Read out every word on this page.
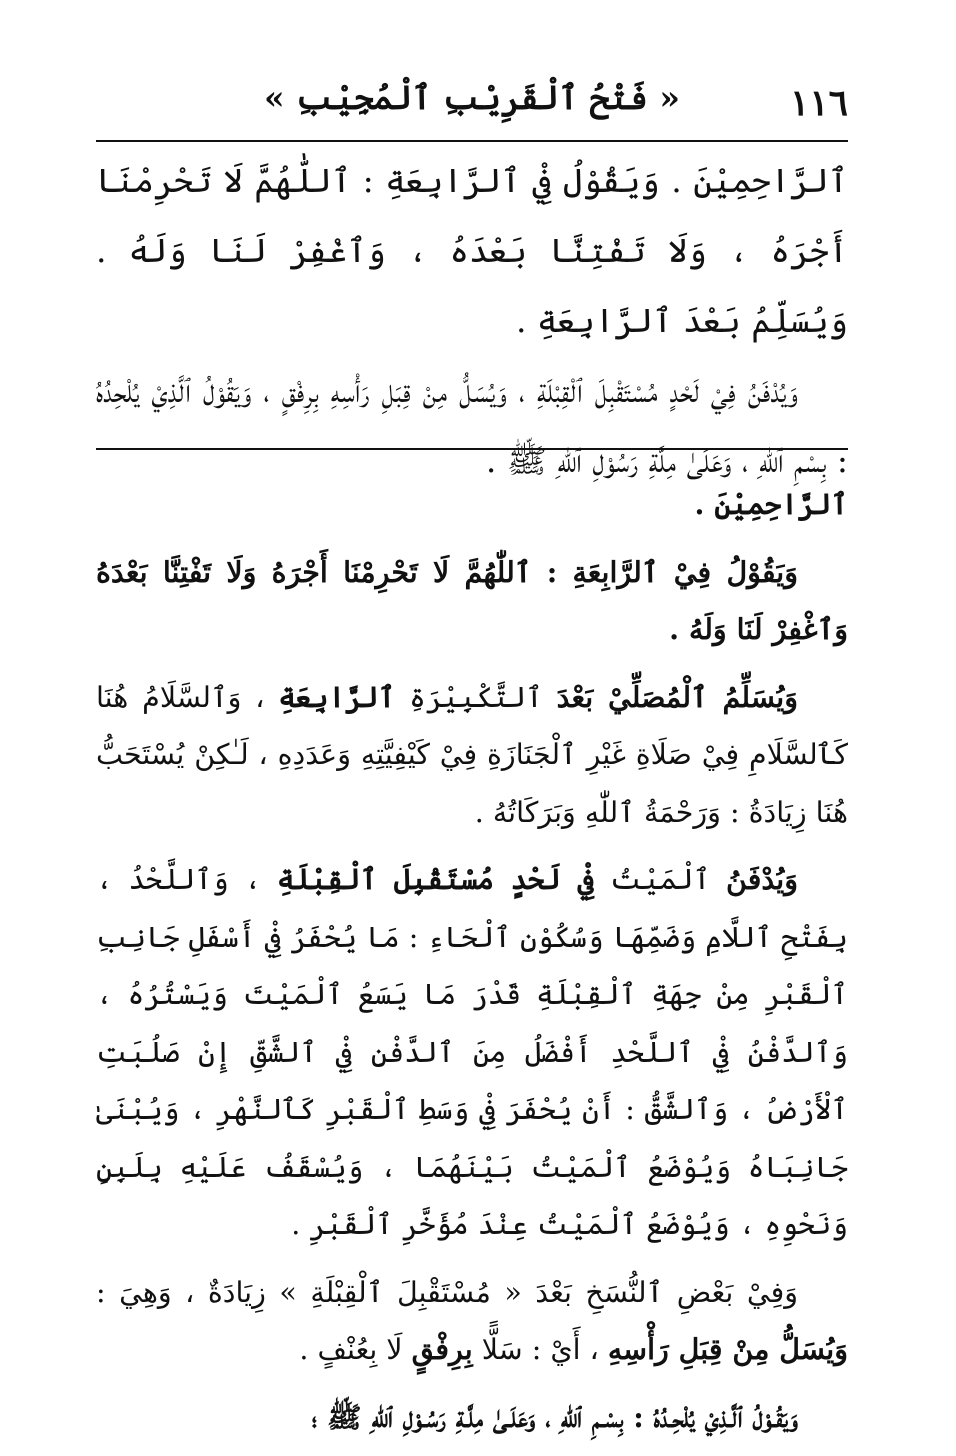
١١٦
« فَتْحُ ٱلْقَرِيْبِ ٱلْمُجِيْبِ »

ٱلرَّاحِمِيْنَ . وَيَقُوْلُ فِيْ ٱلرَّابِعَةِ : ٱللّٰهُمَّ لَا تَحْرِمْنَا أَجْرَهُ ، وَلَا تَفْتِنَّا بَعْدَهُ ، وَٱغْفِرْ لَنَا وَلَهُ . وَيُسَلِّمُ بَعْدَ ٱلرَّابِعَةِ .

وَيُدْفَنُ فِيْ لَحْدٍ مُسْتَقْبِلَ ٱلْقِبْلَةِ ، وَيُسَلُّ مِنْ قِبَلِ رَأْسِهِ بِرِفْقٍ ، وَيَقُوْلُ ٱلَّذِيْ يُلْحِدُهُ : بِسْمِ ٱللّٰهِ ، وَعَلَىٰ مِلَّةِ رَسُوْلِ ٱللّٰهِ ﷺ .

ٱلرَّاحِمِيْنَ .

وَيَقُوْلُ فِيْ ٱلرَّابِعَةِ : ٱللّٰهُمَّ لَا تَحْرِمْنَا أَجْرَهُ وَلَا تَفْتِنَّا بَعْدَهُ وَٱغْفِرْ لَنَا وَلَهُ .

وَيُسَلِّمُ ٱلْمُصَلِّيْ بَعْدَ ٱلتَّكْبِيْرَةِ ٱلرَّابِعَةِ ، وَٱلسَّلَامُ هُنَا كَٱلسَّلَامِ فِيْ صَلَاةِ غَيْرِ ٱلْجَنَازَةِ فِيْ كَيْفِيَّتِهِ وَعَدَدِهِ ، لَـٰكِنْ يُسْتَحَبُّ هُنَا زِيَادَةُ : وَرَحْمَةُ ٱللّٰهِ وَبَرَكَاتُهُ .

وَيُدْفَنُ ٱلْمَيْتُ فِيْ لَحْدٍ مُسْتَقْبِلَ ٱلْقِبْلَةِ ، وَٱللَّحْدُ ، بِفَتْحِ ٱللَّامِ وَضَمِّهَا وَسُكُوْنِ ٱلْحَاءِ : مَا يُحْفَرُ فِيْ أَسْفَلِ جَانِبِ ٱلْقَبْرِ مِنْ جِهَةِ ٱلْقِبْلَةِ قَدْرَ مَا يَسَعُ ٱلْمَيْتَ وَيَسْتُرُهُ ، وَٱلدَّفْنُ فِيْ ٱللَّحْدِ أَفْضَلُ مِنَ ٱلدَّفْنِ فِيْ ٱلشَّقِّ إِنْ صَلُبَتِ ٱلْأَرْضُ ، وَٱلشَّقُّ : أَنْ يُحْفَرَ فِيْ وَسَطِ ٱلْقَبْرِ كَٱلنَّهْرِ ، وَيُبْنَىٰ جَانِبَاهُ وَيُوْضَعُ ٱلْمَيْتُ بَيْنَهُمَا ، وَيُسْقَفُ عَلَيْهِ بِلَبِنٍ وَنَحْوِهِ ، وَيُوْضَعُ ٱلْمَيْتُ عِنْدَ مُؤَخَّرِ ٱلْقَبْرِ .

وَفِيْ بَعْضِ ٱلنُّسَخِ بَعْدَ « مُسْتَقْبِلَ ٱلْقِبْلَةِ » زِيَادَةٌ ، وَهِيَ : وَيُسَلُّ مِنْ قِبَلِ رَأْسِهِ ، أَيْ : سَلًّا بِرِفْقٍ لَا بِعُنْفٍ .

وَيَقُـوْلُ ٱلَّـذِيْ يُلْحِـدُهُ : بِسْـمِ ٱللّٰهِ ، وَعَلَـىٰ مِلَّـةِ رَسُـوْلِ ٱللّٰهِ ﷺ ؛
